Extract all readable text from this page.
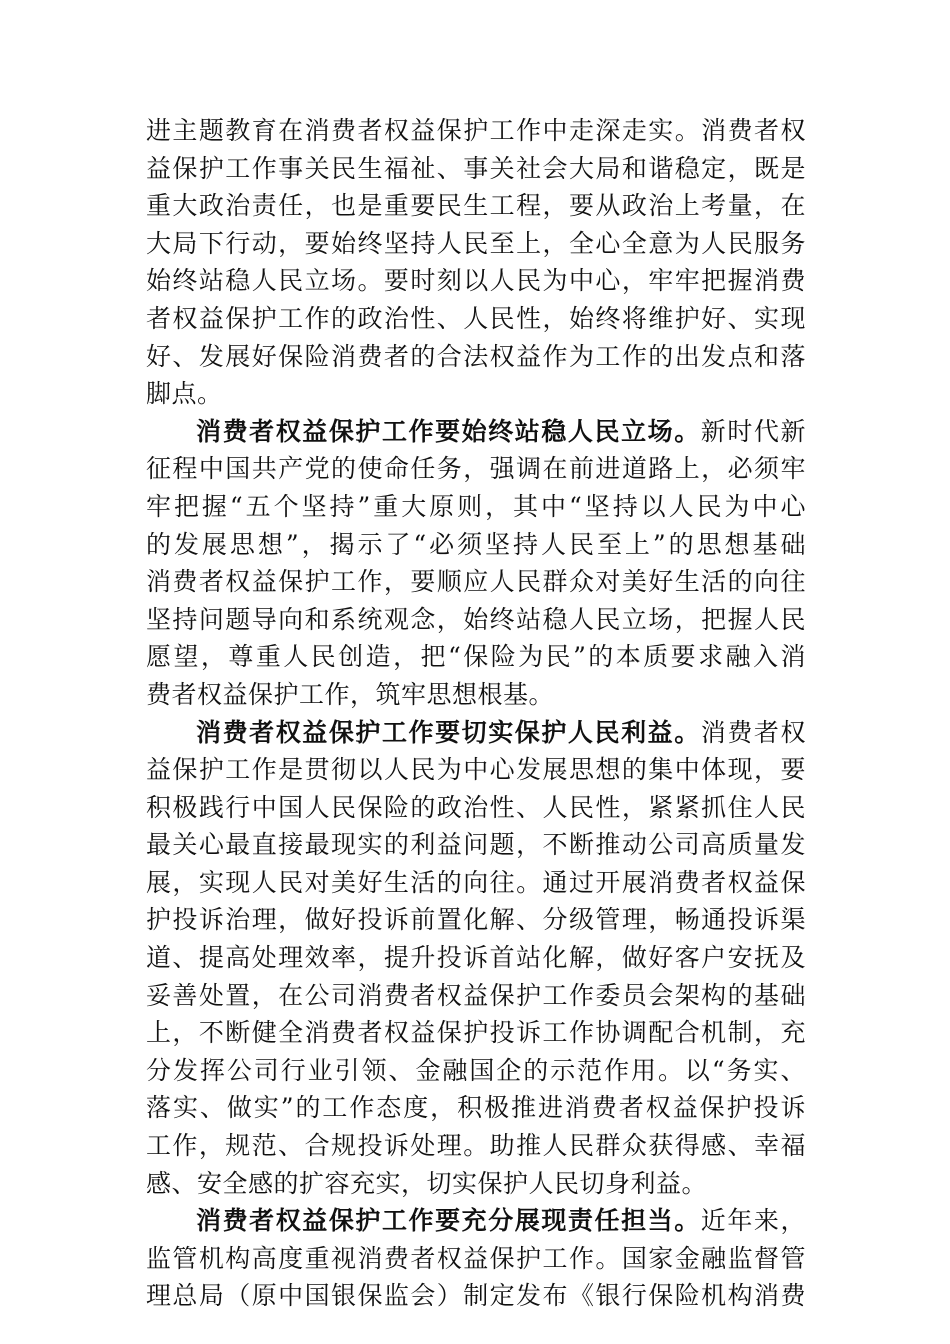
进主题教育在消费者权益保护工作中走深走实。消费者权
益保护工作事关民生福祉、事关社会大局和谐稳定，既是
重大政治责任，也是重要民生工程，要从政治上考量，在
大局下行动，要始终坚持人民至上，全心全意为人民服务
始终站稳人民立场。要时刻以人民为中心，牢牢把握消费
者权益保护工作的政治性、人民性，始终将维护好、实现
好、发展好保险消费者的合法权益作为工作的出发点和落
脚点。
消费者权益保护工作要始终站稳人民立场。新时代新
征程中国共产党的使命任务，强调在前进道路上，必须牢
牢把握“五个坚持”重大原则，其中“坚持以人民为中心
的发展思想”，揭示了“必须坚持人民至上”的思想基础
消费者权益保护工作，要顺应人民群众对美好生活的向往
坚持问题导向和系统观念，始终站稳人民立场，把握人民
愿望，尊重人民创造，把“保险为民”的本质要求融入消
费者权益保护工作，筑牢思想根基。
消费者权益保护工作要切实保护人民利益。消费者权
益保护工作是贯彻以人民为中心发展思想的集中体现，要
积极践行中国人民保险的政治性、人民性，紧紧抓住人民
最关心最直接最现实的利益问题，不断推动公司高质量发
展，实现人民对美好生活的向往。通过开展消费者权益保
护投诉治理，做好投诉前置化解、分级管理，畅通投诉渠
道、提高处理效率，提升投诉首站化解，做好客户安抚及
妥善处置，在公司消费者权益保护工作委员会架构的基础
上，不断健全消费者权益保护投诉工作协调配合机制，充
分发挥公司行业引领、金融国企的示范作用。以“务实、
落实、做实”的工作态度，积极推进消费者权益保护投诉
工作，规范、合规投诉处理。助推人民群众获得感、幸福
感、安全感的扩容充实，切实保护人民切身利益。
消费者权益保护工作要充分展现责任担当。近年来，
监管机构高度重视消费者权益保护工作。国家金融监督管
理总局（原中国银保监会）制定发布《银行保险机构消费
